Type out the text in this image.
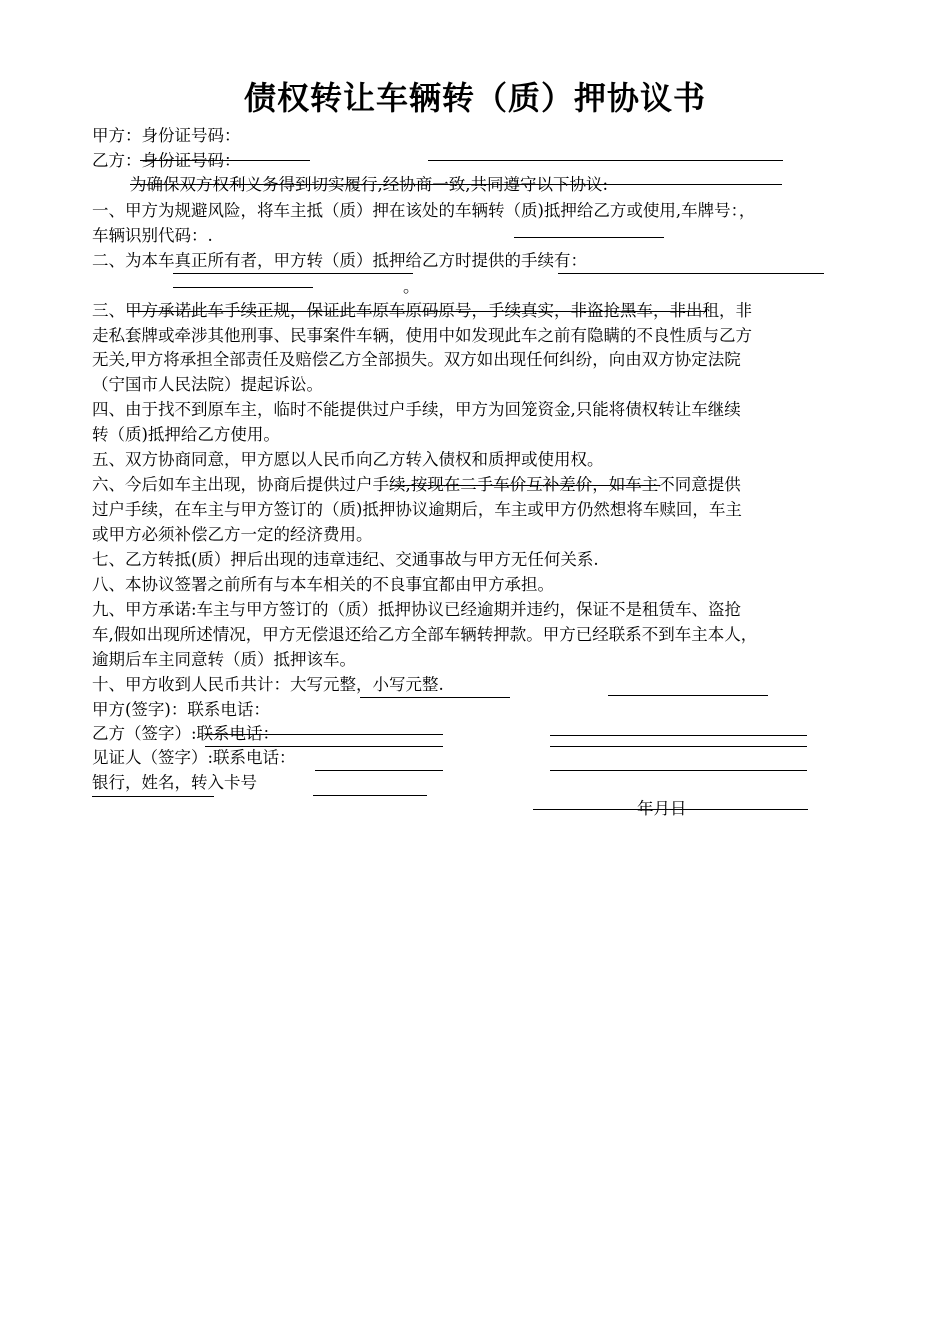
债权转让车辆转（质）押协议书
甲方：身份证号码：
乙方：身份证号码：
为确保双方权利义务得到切实履行,经协商一致,共同遵守以下协议:
一、甲方为规避风险，将车主抵（质）押在该处的车辆转（质)抵押给乙方或使用,车牌号：，
车辆识别代码：.
二、为本车真正所有者，甲方转（质）抵押给乙方时提供的手续有：
。
三、甲方承诺此车手续正规，保证此车原车原码原号，手续真实，非盗抢黑车，非出租，非
走私套牌或牵涉其他刑事、民事案件车辆，使用中如发现此车之前有隐瞒的不良性质与乙方
无关,甲方将承担全部责任及赔偿乙方全部损失。双方如出现任何纠纷，向由双方协定法院
（宁国市人民法院）提起诉讼。
四、由于找不到原车主，临时不能提供过户手续，甲方为回笼资金,只能将债权转让车继续
转（质)抵押给乙方使用。
五、双方协商同意，甲方愿以人民币向乙方转入债权和质押或使用权。
六、今后如车主出现，协商后提供过户手续,按现在二手车价互补差价，如车主不同意提供
过户手续，在车主与甲方签订的（质)抵押协议逾期后，车主或甲方仍然想将车赎回，车主
或甲方必须补偿乙方一定的经济费用。
七、乙方转抵(质）押后出现的违章违纪、交通事故与甲方无任何关系.
八、本协议签署之前所有与本车相关的不良事宜都由甲方承担。
九、甲方承诺:车主与甲方签订的（质）抵押协议已经逾期并违约，保证不是租赁车、盗抢
车,假如出现所述情况，甲方无偿退还给乙方全部车辆转押款。甲方已经联系不到车主本人，
逾期后车主同意转（质）抵押该车。
十、甲方收到人民币共计：大写元整，小写元整.
甲方(签字)：联系电话：
乙方（签字）:联系电话：
见证人（签字）:联系电话：
银行，姓名，转入卡号
年月日
